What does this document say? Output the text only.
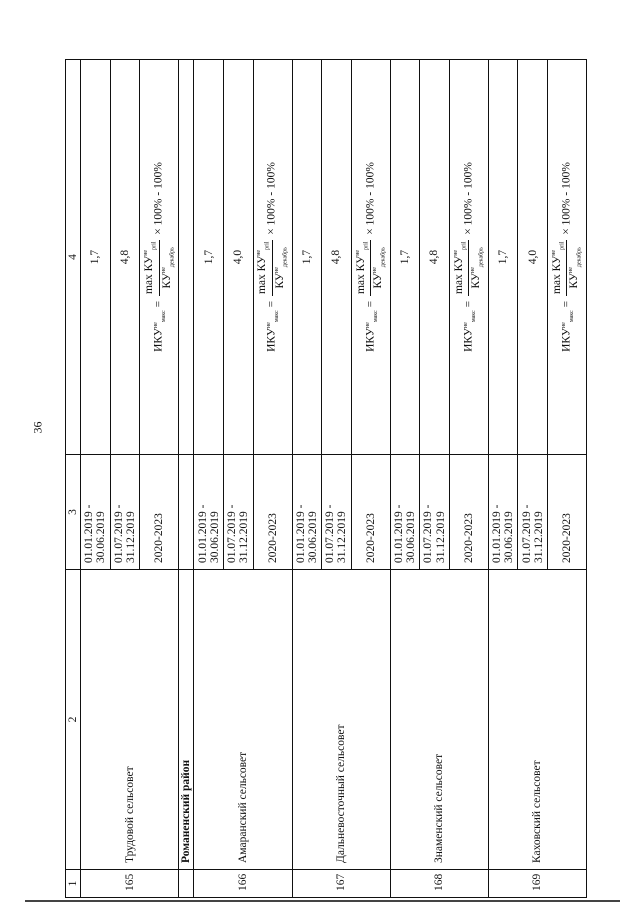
36
1	2	3	4
165	Трудовой сельсовет	01.01.2019 - 30.06.2019	1,7
		01.07.2019 - 31.12.2019	4,8
		2020-2023	$ИКУ^{не}_{макс}$ =
$\max КУ^{не}_{pril}$
$КУ^{не}_{декабрь}$
× 100% - 100%
	Романенский район		
166	Амаранский сельсовет	01.01.2019 - 30.06.2019	1,7
		01.07.2019 - 31.12.2019	4,0
		2020-2023	$ИКУ^{не}_{макс}$ =
$\max КУ^{не}_{pril}$
$КУ^{не}_{декабрь}$
× 100% - 100%
167	Дальневосточный сельсовет	01.01.2019 - 30.06.2019	1,7
		01.07.2019 - 31.12.2019	4,8
		2020-2023	$ИКУ^{не}_{макс}$ =
$\max КУ^{не}_{pril}$
$КУ^{не}_{декабрь}$
× 100% - 100%
168	Знаменский сельсовет	01.01.2019 - 30.06.2019	1,7
		01.07.2019 - 31.12.2019	4,8
		2020-2023	$ИКУ^{не}_{макс}$ =
$\max КУ^{не}_{pril}$
$КУ^{не}_{декабрь}$
× 100% - 100%
169	Каховский сельсовет	01.01.2019 - 30.06.2019	1,7
		01.07.2019 - 31.12.2019	4,0
		2020-2023	$ИКУ^{не}_{макс}$ =
$\max КУ^{не}_{pril}$
$КУ^{не}_{декабрь}$
× 100% - 100%
